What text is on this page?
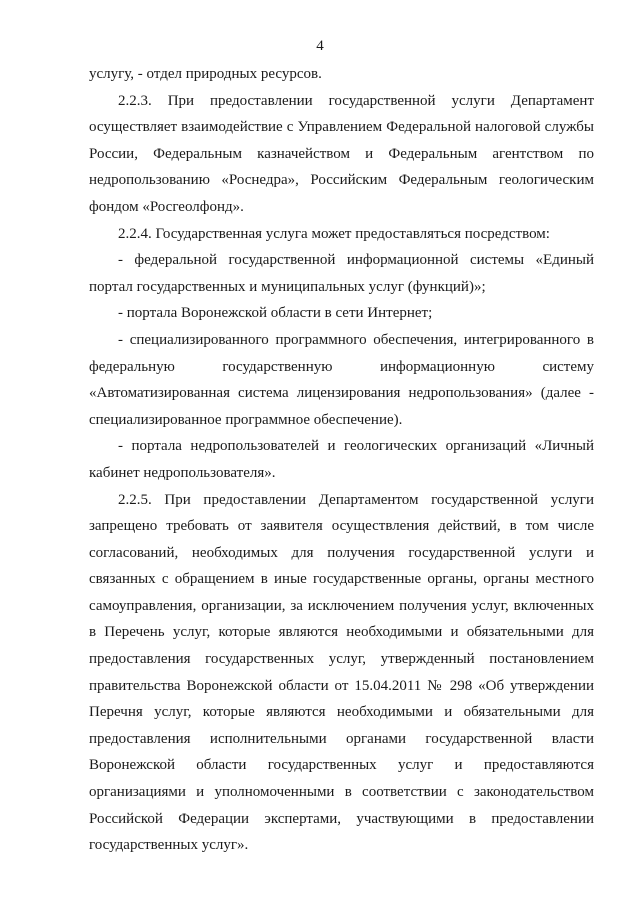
4

услугу, - отдел природных ресурсов.

2.2.3. При предоставлении государственной услуги Департамент осуществляет взаимодействие с Управлением Федеральной налоговой службы России, Федеральным казначейством и Федеральным агентством по недропользованию «Роснедра», Российским Федеральным геологическим фондом «Росгеолфонд».

2.2.4. Государственная услуга может предоставляться посредством:

- федеральной государственной информационной системы «Единый портал государственных и муниципальных услуг (функций)»;

- портала Воронежской области в сети Интернет;

- специализированного программного обеспечения, интегрированного в федеральную государственную информационную систему «Автоматизированная система лицензирования недропользования» (далее - специализированное программное обеспечение).

- портала недропользователей и геологических организаций «Личный кабинет недропользователя».

2.2.5. При предоставлении Департаментом государственной услуги запрещено требовать от заявителя осуществления действий, в том числе согласований, необходимых для получения государственной услуги и связанных с обращением в иные государственные органы, органы местного самоуправления, организации, за исключением получения услуг, включенных в Перечень услуг, которые являются необходимыми и обязательными для предоставления государственных услуг, утвержденный постановлением правительства Воронежской области от 15.04.2011 № 298 «Об утверждении Перечня услуг, которые являются необходимыми и обязательными для предоставления исполнительными органами государственной власти Воронежской области государственных услуг и предоставляются организациями и уполномоченными в соответствии с законодательством Российской Федерации экспертами, участвующими в предоставлении государственных услуг».
